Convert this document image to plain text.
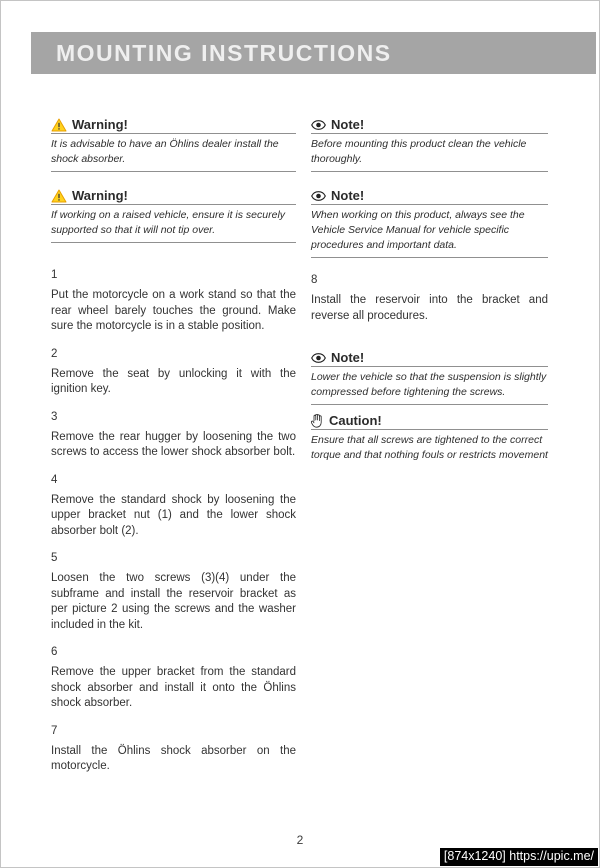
MOUNTING INSTRUCTIONS
Warning!

It is advisable to have an Öhlins dealer install the shock absorber.

Warning!

If working on a raised vehicle, ensure it is securely supported so that it will not tip over.

1
Put the motorcycle on a work stand so that the rear wheel barely touches the ground. Make sure the motorcycle is in a stable position.
2
Remove the seat by unlocking it with the ignition key.
3
Remove the rear hugger by loosening the two screws to access the lower shock absorber bolt.
4
Remove the standard shock by loosening the upper bracket nut (1) and the lower shock absorber bolt (2).
5
Loosen the two screws (3)(4) under the subframe and install the reservoir bracket as per picture 2 using the screws and the washer included in the kit.
6
Remove the upper bracket from the standard shock absorber and install it onto the Öhlins shock absorber.
7
Install the Öhlins shock absorber on the motorcycle.
Note!

Before mounting this product clean the vehicle thoroughly.

Note!

When working on this product, always see the Vehicle Service Manual for vehicle specific procedures and important data.

8
Install the reservoir into the bracket and reverse all procedures.
Note!

Lower the vehicle so that the suspension is slightly compressed before tightening the screws.

Caution!

Ensure that all screws are tightened to the correct torque and that nothing fouls or restricts movement

2
[874x1240] https://upic.me/
